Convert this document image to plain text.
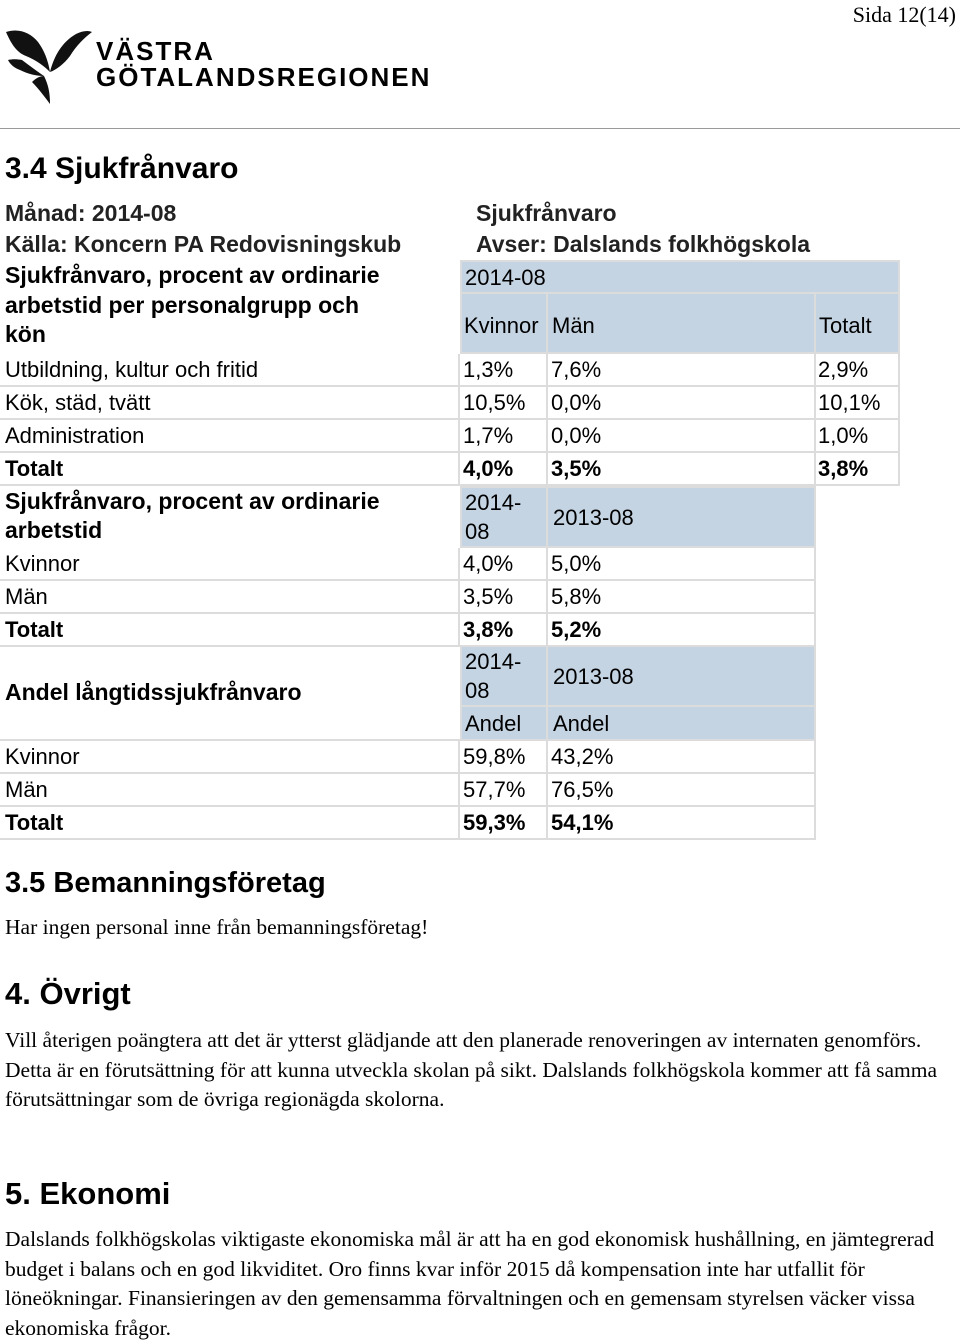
Sida 12(14)
VÄSTRA
GÖTALANDSREGIONEN
3.4 Sjukfrånvaro
Månad: 2014-08
Källa: Koncern PA Redovisningskub
Sjukfrånvaro
Avser: Dalslands folkhögskola
Sjukfrånvaro, procent av ordinarie
arbetstid per personalgrupp och
kön
2014-08
Kvinnor Män	Totalt
Utbildning, kultur och fritid	1,3%	7,6%	2,9%
Kök, städ, tvätt	10,5%	0,0%	10,1%
Administration	1,7%	0,0%	1,0%
Totalt	4,0%	3,5%	3,8%
Sjukfrånvaro, procent av ordinarie
arbetstid
2014-
08
2013-08
Kvinnor	4,0%	5,0%
Män	3,5%	5,8%
Totalt	3,8%	5,2%
Andel långtidssjukfrånvaro
2014-
08
2013-08
Andel	Andel
Kvinnor	59,8%	43,2%
Män	57,7%	76,5%
Totalt	59,3%	54,1%
3.5 Bemanningsföretag
Har ingen personal inne från bemanningsföretag!
4. Övrigt
Vill återigen poängtera att det är ytterst glädjande att den planerade renoveringen av internaten genomförs. Detta är en förutsättning för att kunna utveckla skolan på sikt. Dalslands folkhögskola kommer att få samma förutsättningar som de övriga regionägda skolorna.
5. Ekonomi
Dalslands folkhögskolas viktigaste ekonomiska mål är att ha en god ekonomisk hushållning, en jämtegrerad budget i balans och en god likviditet. Oro finns kvar inför 2015 då kompensation inte har utfallit för löneökningar. Finansieringen av den gemensamma förvaltningen och en gemensam styrelsen väcker vissa ekonomiska frågor.
